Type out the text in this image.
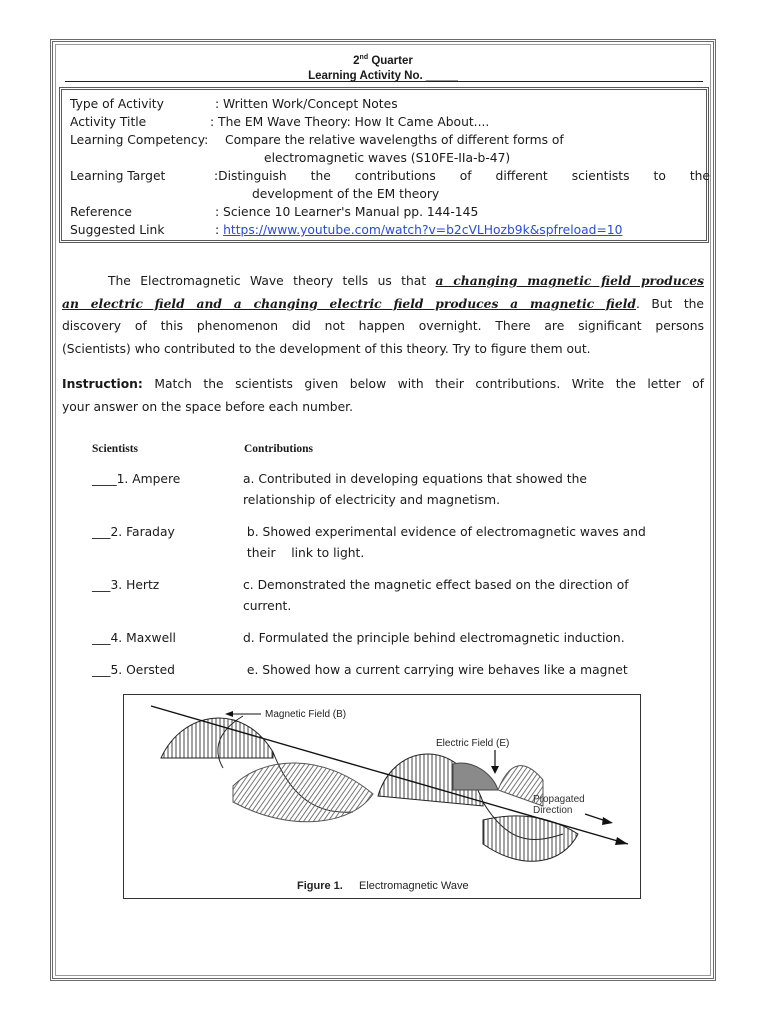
2nd Quarter
Learning Activity No. _____
Type of Activity	: Written Work/Concept Notes
Activity Title	: The EM Wave Theory: How It Came About....
Learning Competency: Compare the relative wavelengths of different forms of
electromagnetic waves (S10FE-IIa-b-47)
Learning Target	:Distinguish the contributions of different scientists to the
development of the EM theory
Reference	: Science 10 Learner's Manual pp. 144-145
Suggested Link	: https://www.youtube.com/watch?v=b2cVLHozb9k&spfreload=10
The Electromagnetic Wave theory tells us that a changing magnetic field produces
an electric field and a changing electric field produces a magnetic field. But the
discovery of this phenomenon did not happen overnight. There are significant persons
(Scientists) who contributed to the development of this theory. Try to figure them out.
Instruction: Match the scientists given below with their contributions. Write the letter of
your answer on the space before each number.
Scientists	Contributions
____1. Ampere	a. Contributed in developing equations that showed the
relationship of electricity and magnetism.
___2. Faraday	b. Showed experimental evidence of electromagnetic waves and
their    link to light.
___3. Hertz	c. Demonstrated the magnetic effect based on the direction of
current.
___4. Maxwell	d. Formulated the principle behind electromagnetic induction.
___5. Oersted	e. Showed how a current carrying wire behaves like a magnet
Magnetic Field (B)
Electric Field (E)
Propagated
Direction
Figure 1. Electromagnetic Wave
